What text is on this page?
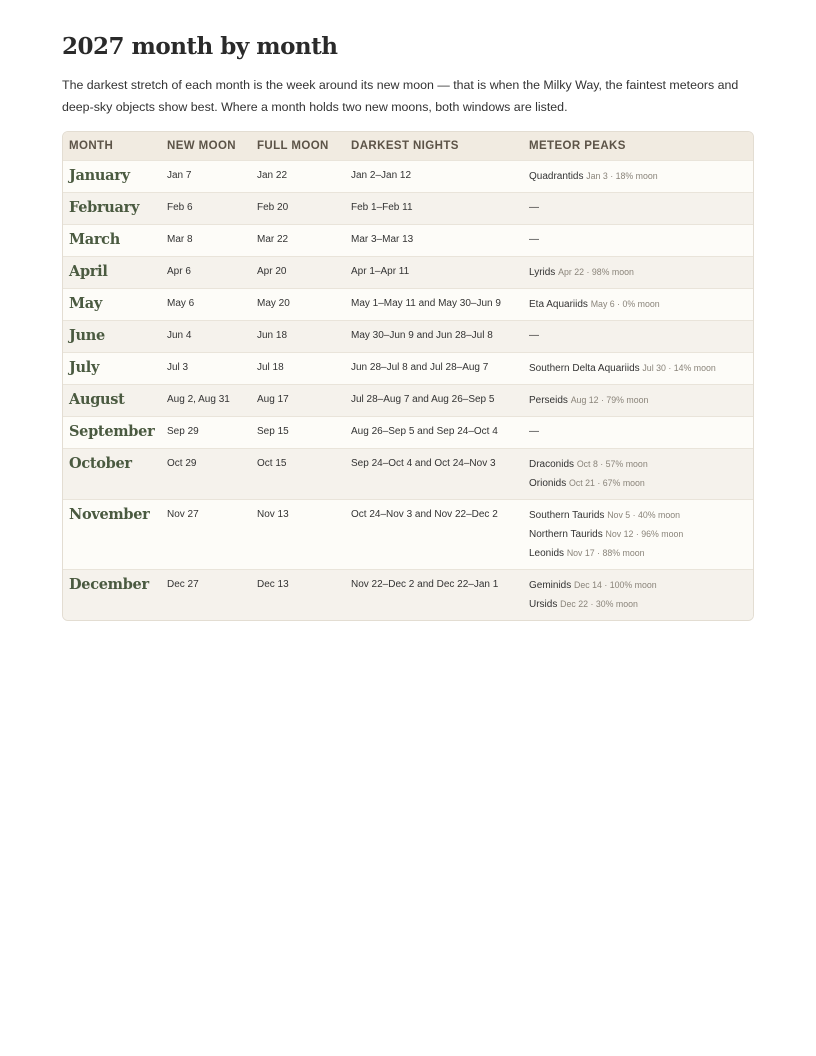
2027 month by month

The darkest stretch of each month is the week around its new moon — that is when the Milky Way, the faintest meteors and deep-sky objects show best. Where a month holds two new moons, both windows are listed.

MONTH	NEW MOON	FULL MOON	DARKEST NIGHTS	METEOR PEAKS
January	Jan 7	Jan 22	Jan 2–Jan 12	Quadrantids Jan 3 · 18% moon

February	Feb 6	Feb 20	Feb 1–Feb 11	—
March	Mar 8	Mar 22	Mar 3–Mar 13	—
April	Apr 6	Apr 20	Apr 1–Apr 11	Lyrids Apr 22 · 98% moon

May	May 6	May 20	May 1–May 11 and May 30–Jun 9	Eta Aquariids May 6 · 0% moon

June	Jun 4	Jun 18	May 30–Jun 9 and Jun 28–Jul 8	—
July	Jul 3	Jul 18	Jun 28–Jul 8 and Jul 28–Aug 7	Southern Delta Aquariids Jul 30 · 14% moon

August	Aug 2, Aug 31	Aug 17	Jul 28–Aug 7 and Aug 26–Sep 5	Perseids Aug 12 · 79% moon

September	Sep 29	Sep 15	Aug 26–Sep 5 and Sep 24–Oct 4	—
October	Oct 29	Oct 15	Sep 24–Oct 4 and Oct 24–Nov 3	Draconids Oct 8 · 57% moon
Orionids Oct 21 · 67% moon

November	Nov 27	Nov 13	Oct 24–Nov 3 and Nov 22–Dec 2	Southern Taurids Nov 5 · 40% moon
Northern Taurids Nov 12 · 96% moon
Leonids Nov 17 · 88% moon

December	Dec 27	Dec 13	Nov 22–Dec 2 and Dec 22–Jan 1	Geminids Dec 14 · 100% moon
Ursids Dec 22 · 30% moon
